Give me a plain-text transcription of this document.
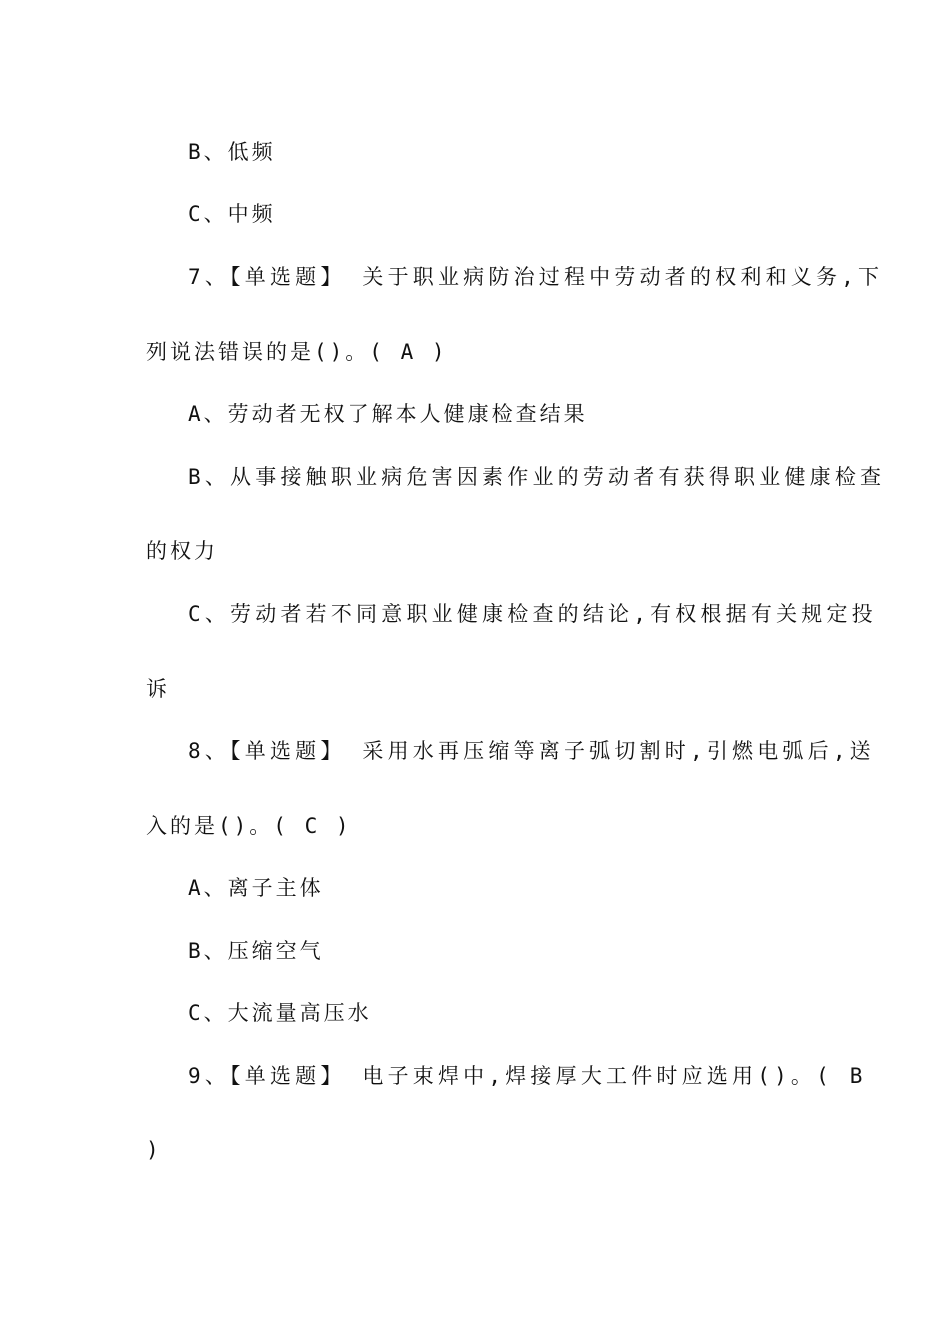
B、低频
C、中频
7、【单选题】 关于职业病防治过程中劳动者的权利和义务,下
列说法错误的是()。( A )
A、劳动者无权了解本人健康检查结果
B、从事接触职业病危害因素作业的劳动者有获得职业健康检查
的权力
C、劳动者若不同意职业健康检查的结论,有权根据有关规定投
诉
8、【单选题】 采用水再压缩等离子弧切割时,引燃电弧后,送
入的是()。( C )
A、离子主体
B、压缩空气
C、大流量高压水
9、【单选题】 电子束焊中,焊接厚大工件时应选用()。( B
)
